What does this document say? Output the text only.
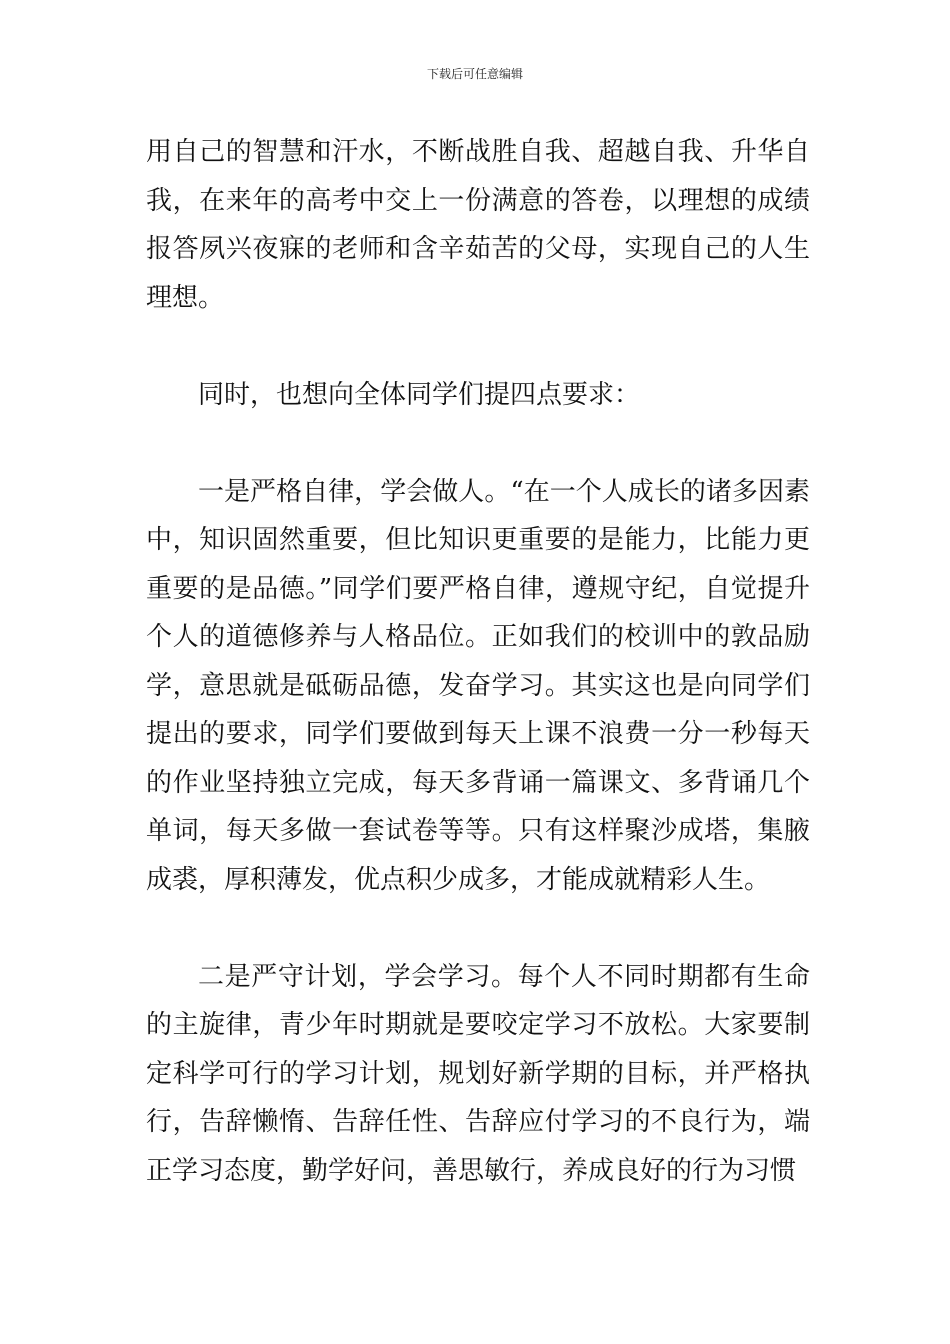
下载后可任意编辑

用自己的智慧和汗水，不断战胜自我、超越自我、升华自我，在来年的高考中交上一份满意的答卷，以理想的成绩报答夙兴夜寐的老师和含辛茹苦的父母，实现自己的人生理想。

同时，也想向全体同学们提四点要求：

一是严格自律，学会做人。“在一个人成长的诸多因素中，知识固然重要，但比知识更重要的是能力，比能力更重要的是品德。”同学们要严格自律，遵规守纪，自觉提升个人的道德修养与人格品位。正如我们的校训中的敦品励学，意思就是砥砺品德，发奋学习。其实这也是向同学们提出的要求，同学们要做到每天上课不浪费一分一秒每天的作业坚持独立完成，每天多背诵一篇课文、多背诵几个单词，每天多做一套试卷等等。只有这样聚沙成塔，集腋成裘，厚积薄发，优点积少成多，才能成就精彩人生。

二是严守计划，学会学习。每个人不同时期都有生命的主旋律，青少年时期就是要咬定学习不放松。大家要制定科学可行的学习计划，规划好新学期的目标，并严格执行，告辞懒惰、告辞任性、告辞应付学习的不良行为，端正学习态度，勤学好问，善思敏行，养成良好的行为习惯
